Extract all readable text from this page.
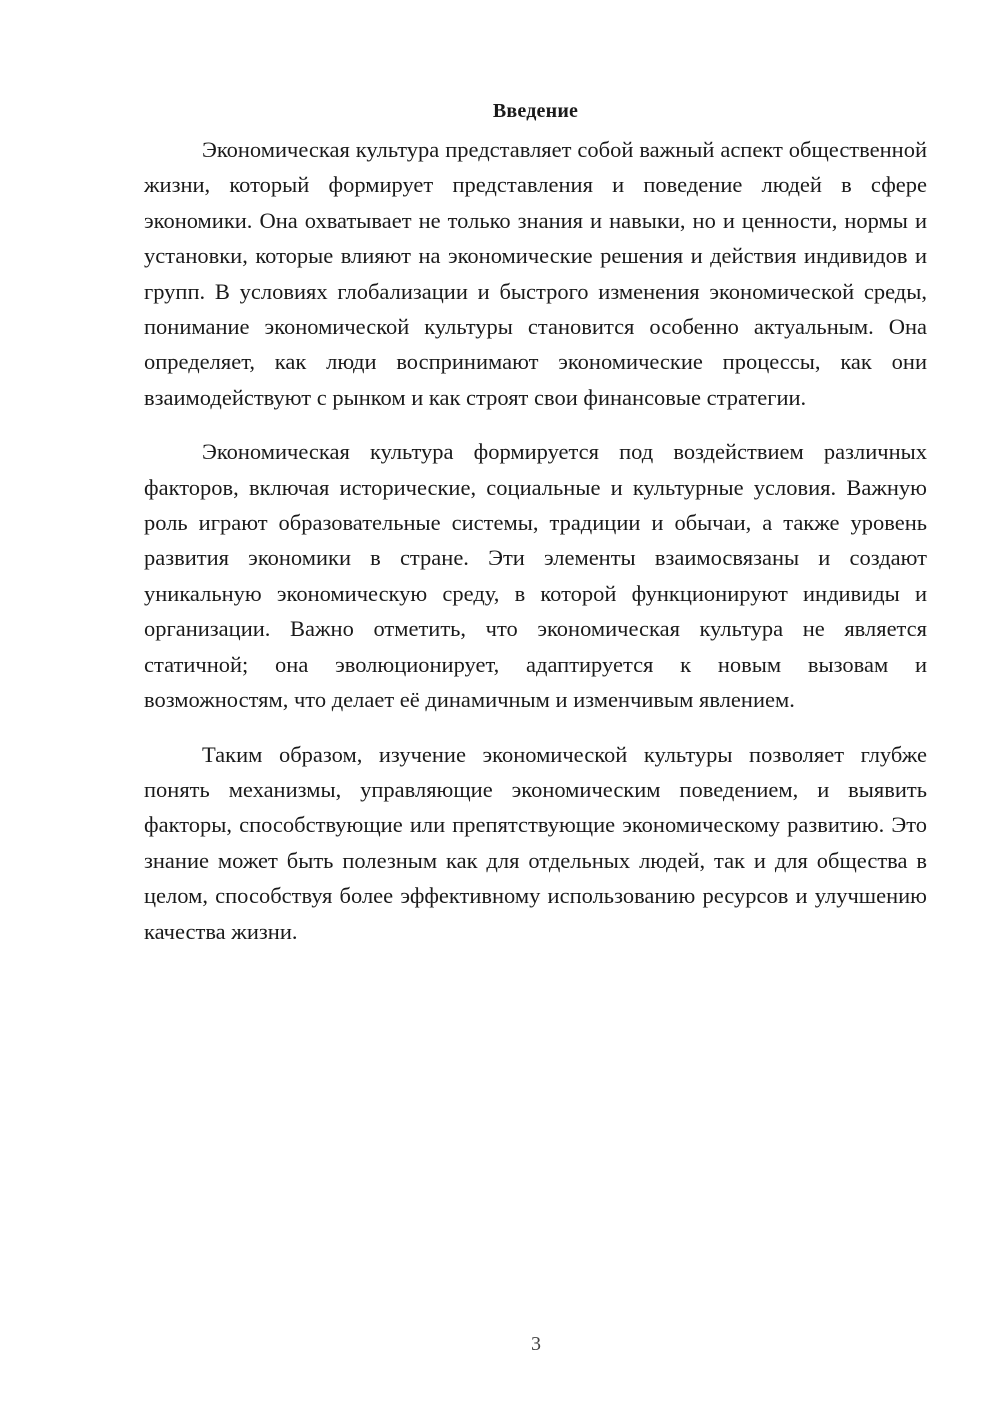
Введение

Экономическая культура представляет собой важный аспект общественной жизни, который формирует представления и поведение людей в сфере экономики. Она охватывает не только знания и навыки, но и ценности, нормы и установки, которые влияют на экономические решения и действия индивидов и групп. В условиях глобализации и быстрого изменения экономической среды, понимание экономической культуры становится особенно актуальным. Она определяет, как люди воспринимают экономические процессы, как они взаимодействуют с рынком и как строят свои финансовые стратегии.

Экономическая культура формируется под воздействием различных факторов, включая исторические, социальные и культурные условия. Важную роль играют образовательные системы, традиции и обычаи, а также уровень развития экономики в стране. Эти элементы взаимосвязаны и создают уникальную экономическую среду, в которой функционируют индивиды и организации. Важно отметить, что экономическая культура не является статичной; она эволюционирует, адаптируется к новым вызовам и возможностям, что делает её динамичным и изменчивым явлением.

Таким образом, изучение экономической культуры позволяет глубже понять механизмы, управляющие экономическим поведением, и выявить факторы, способствующие или препятствующие экономическому развитию. Это знание может быть полезным как для отдельных людей, так и для общества в целом, способствуя более эффективному использованию ресурсов и улучшению качества жизни.

3
